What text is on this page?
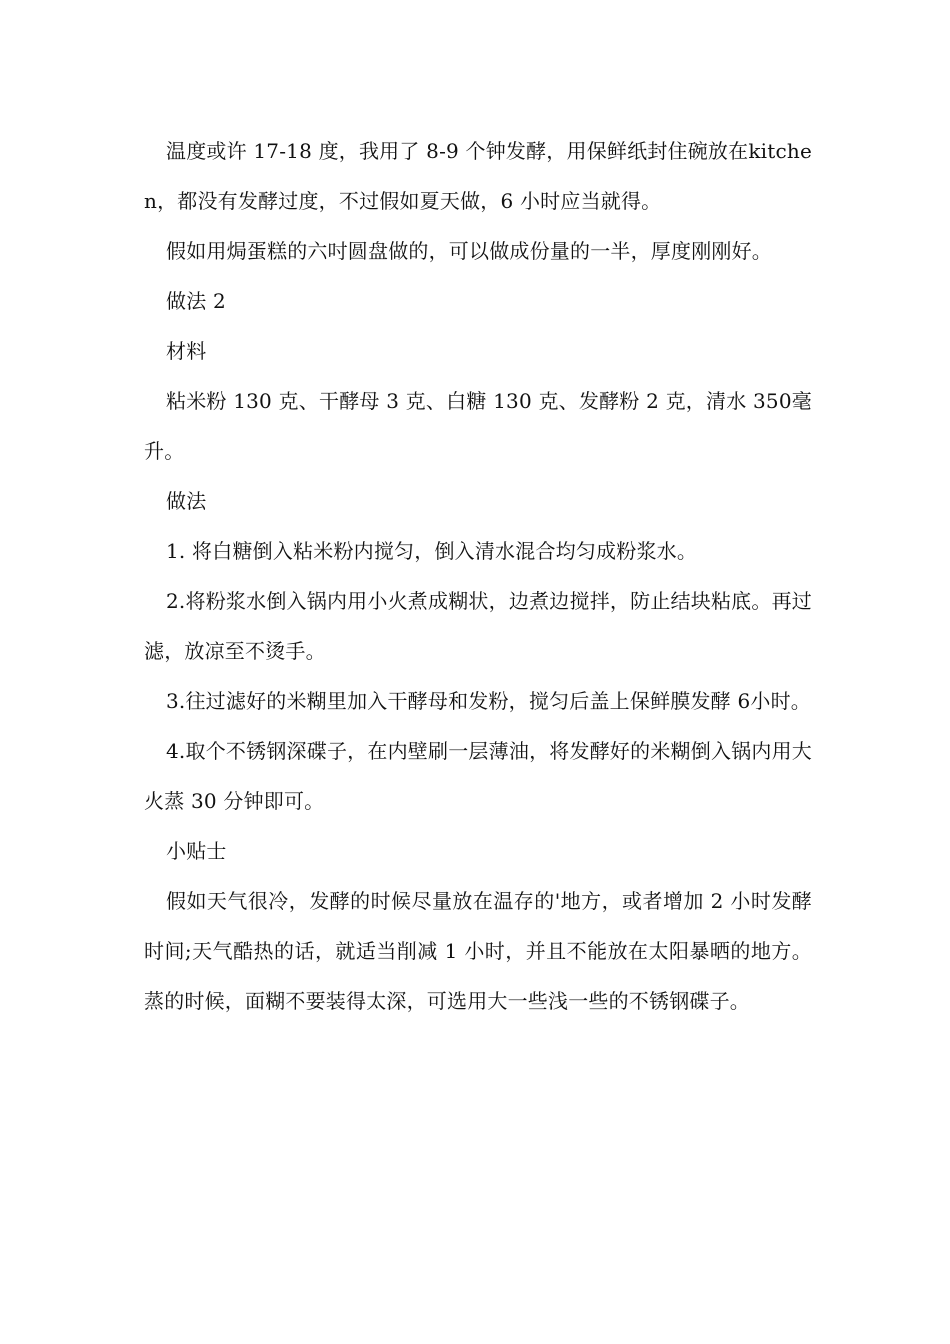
温度或许 17-18 度，我用了 8-9 个钟发酵，用保鲜纸封住碗放在kitchen，都没有发酵过度，不过假如夏天做，6 小时应当就得。

假如用焗蛋糕的六吋圆盘做的，可以做成份量的一半，厚度刚刚好。

做法 2

材料

粘米粉 130 克、干酵母 3 克、白糖 130 克、发酵粉 2 克，清水 350毫升。

做法

1. 将白糖倒入粘米粉内搅匀，倒入清水混合均匀成粉浆水。

2.将粉浆水倒入锅内用小火煮成糊状，边煮边搅拌，防止结块粘底。再过滤，放凉至不烫手。

3.往过滤好的米糊里加入干酵母和发粉，搅匀后盖上保鲜膜发酵 6小时。

4.取个不锈钢深碟子，在内壁刷一层薄油，将发酵好的米糊倒入锅内用大火蒸 30 分钟即可。

小贴士

假如天气很冷，发酵的时候尽量放在温存的'地方，或者增加 2 小时发酵时间;天气酷热的话，就适当削减 1 小时，并且不能放在太阳暴晒的地方。蒸的时候，面糊不要装得太深，可选用大一些浅一些的不锈钢碟子。
